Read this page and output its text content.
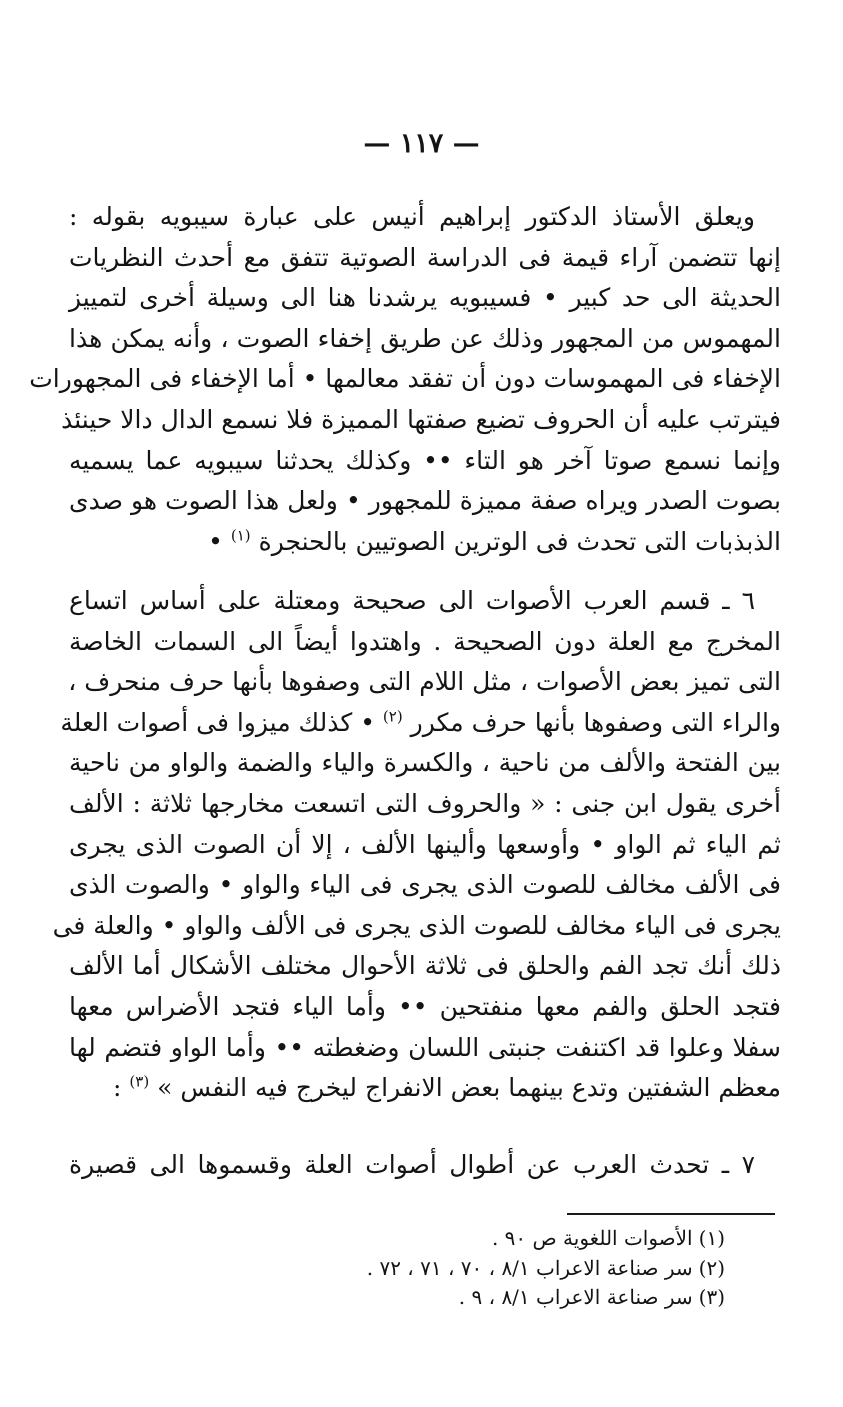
— ١١٧ —
ويعلق الأستاذ الدكتور إبراهيم أنيس على عبارة سيبويه بقوله :
إنها تتضمن آراء قيمة فى الدراسة الصوتية تتفق مع أحدث النظريات
الحديثة الى حد كبير • فسيبويه يرشدنا هنا الى وسيلة أخرى لتمييز
المهموس من المجهور وذلك عن طريق إخفاء الصوت ، وأنه يمكن هذا
الإخفاء فى المهموسات دون أن تفقد معالمها • أما الإخفاء فى المجهورات
فيترتب عليه أن الحروف تضيع صفتها المميزة فلا نسمع الدال دالا حينئذ
وإنما نسمع صوتا آخر هو التاء •• وكذلك يحدثنا سيبويه عما يسميه
بصوت الصدر ويراه صفة مميزة للمجهور • ولعل هذا الصوت هو صدى
الذبذبات التى تحدث فى الوترين الصوتيين بالحنجرة $^{(١)}$ •
٦ ـ قسم العرب الأصوات الى صحيحة ومعتلة على أساس اتساع
المخرج مع العلة دون الصحيحة . واهتدوا أيضاً الى السمات الخاصة
التى تميز بعض الأصوات ، مثل اللام التى وصفوها بأنها حرف منحرف ،
والراء التى وصفوها بأنها حرف مكرر $^{(٢)}$ • كذلك ميزوا فى أصوات العلة
بين الفتحة والألف من ناحية ، والكسرة والياء والضمة والواو من ناحية
أخرى يقول ابن جنى : « والحروف التى اتسعت مخارجها ثلاثة : الألف
ثم الياء ثم الواو • وأوسعها وألينها الألف ، إلا أن الصوت الذى يجرى
فى الألف مخالف للصوت الذى يجرى فى الياء والواو • والصوت الذى
يجرى فى الياء مخالف للصوت الذى يجرى فى الألف والواو • والعلة فى
ذلك أنك تجد الفم والحلق فى ثلاثة الأحوال مختلف الأشكال أما الألف
فتجد الحلق والفم معها منفتحين •• وأما الياء فتجد الأضراس معها
سفلا وعلوا قد اكتنفت جنبتى اللسان وضغطته •• وأما الواو فتضم لها
معظم الشفتين وتدع بينهما بعض الانفراج ليخرج فيه النفس » $^{(٣)}$ :
٧ ـ تحدث العرب عن أطوال أصوات العلة وقسموها الى قصيرة
(١)الأصوات اللغوية ص ٩٠ .
(٢)سر صناعة الاعراب ٨/١ ، ٧٠ ، ٧١ ، ٧٢ .
(٣)سر صناعة الاعراب ٨/١ ، ٩ .
